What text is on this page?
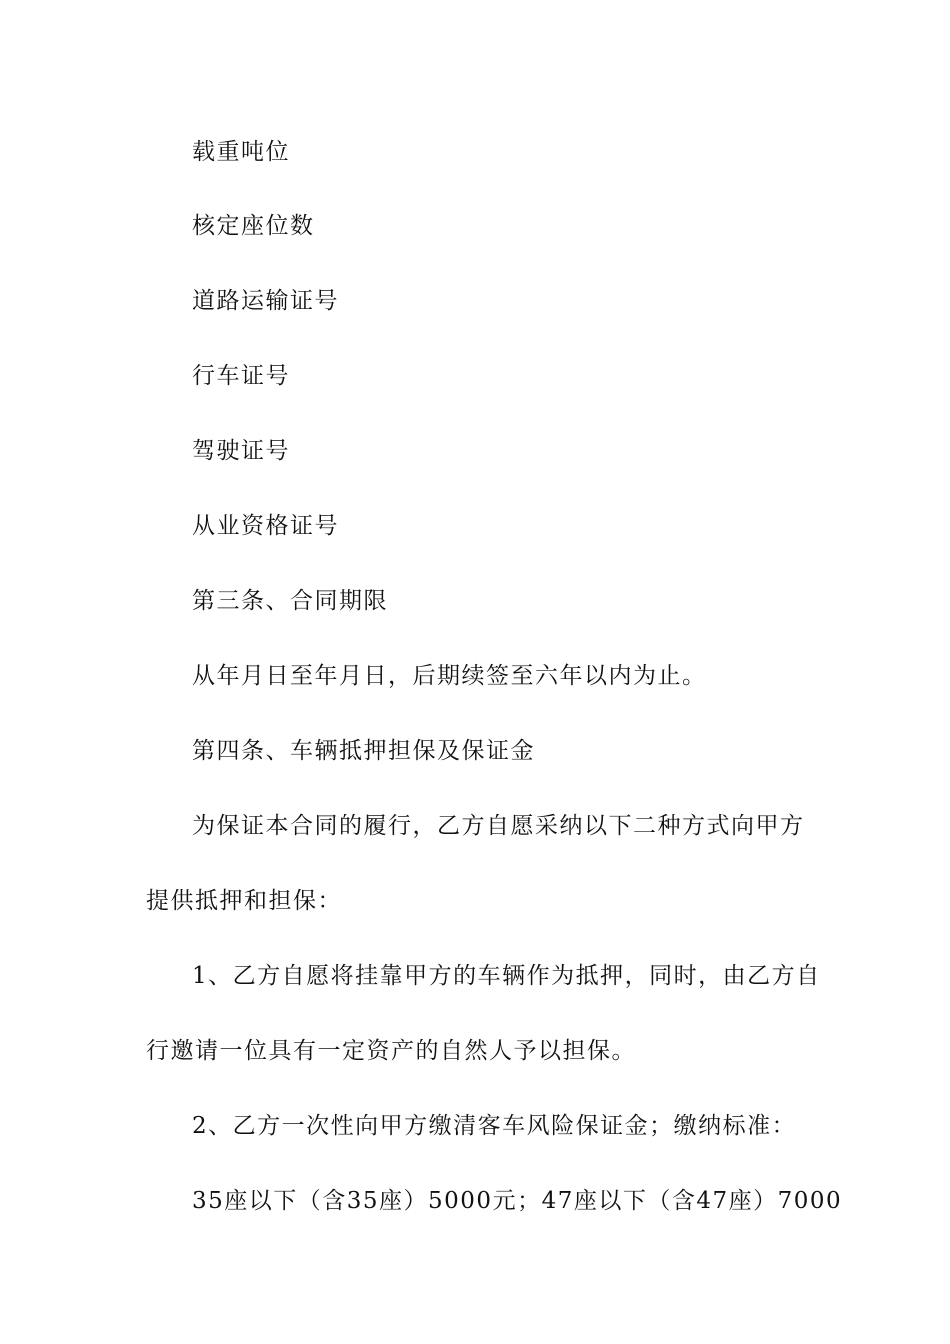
载重吨位
核定座位数
道路运输证号
行车证号
驾驶证号
从业资格证号
第三条、合同期限
从年月日至年月日，后期续签至六年以内为止。
第四条、车辆抵押担保及保证金
为保证本合同的履行，乙方自愿采纳以下二种方式向甲方
提供抵押和担保：
1、乙方自愿将挂靠甲方的车辆作为抵押，同时，由乙方自
行邀请一位具有一定资产的自然人予以担保。
2、乙方一次性向甲方缴清客车风险保证金；缴纳标准：
35座以下（含35座）5000元；47座以下（含47座）7000
